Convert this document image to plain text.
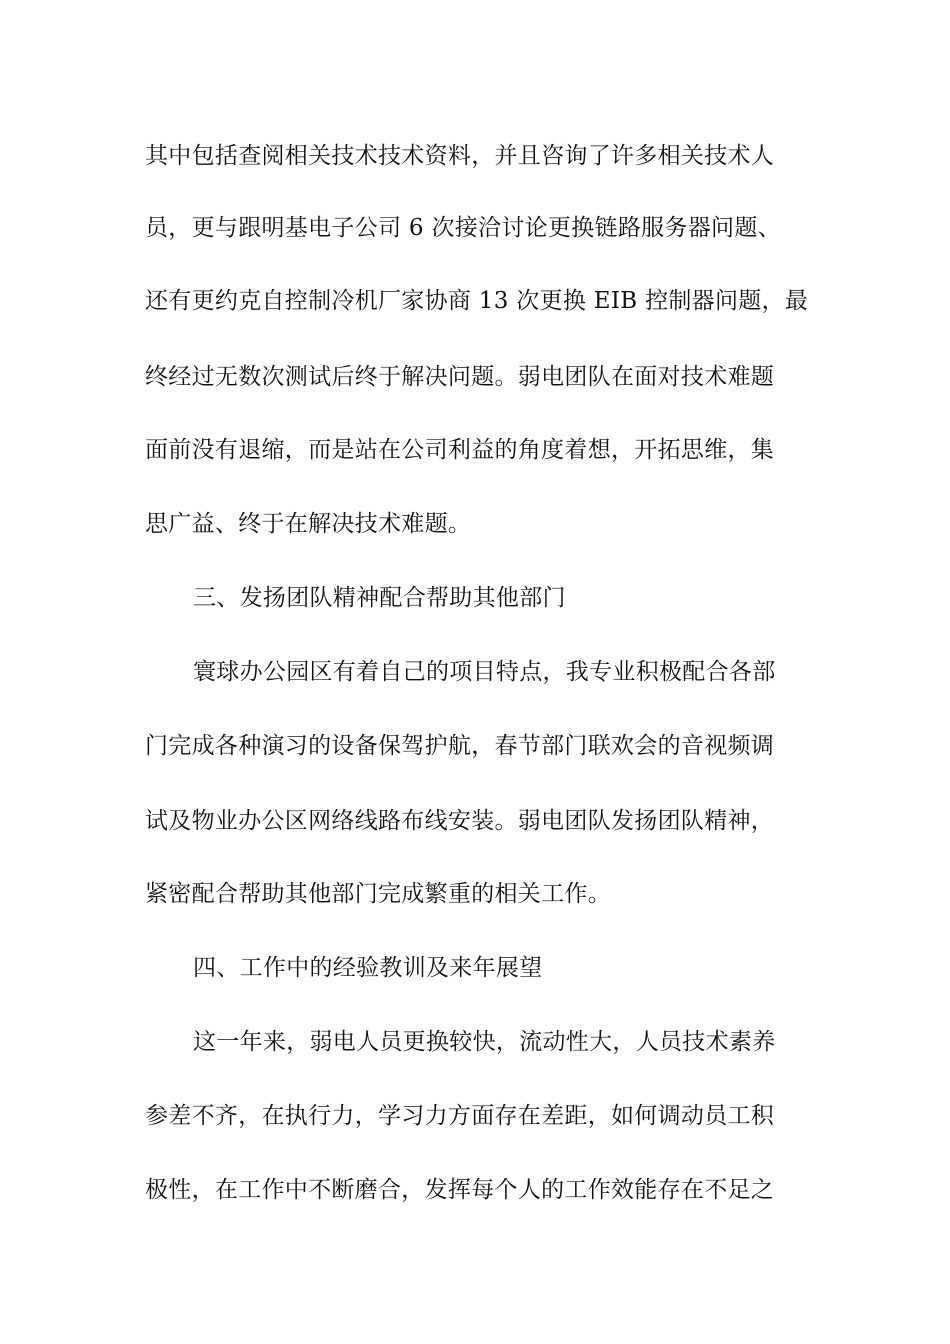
其中包括查阅相关技术技术资料，并且咨询了许多相关技术人
员，更与跟明基电子公司 6 次接洽讨论更换链路服务器问题、
还有更约克自控制冷机厂家协商 13 次更换 EIB 控制器问题，最
终经过无数次测试后终于解决问题。弱电团队在面对技术难题
面前没有退缩，而是站在公司利益的角度着想，开拓思维，集
思广益、终于在解决技术难题。
三、发扬团队精神配合帮助其他部门
寰球办公园区有着自己的项目特点，我专业积极配合各部
门完成各种演习的设备保驾护航，春节部门联欢会的音视频调
试及物业办公区网络线路布线安装。弱电团队发扬团队精神，
紧密配合帮助其他部门完成繁重的相关工作。
四、工作中的经验教训及来年展望
这一年来，弱电人员更换较快，流动性大，人员技术素养
参差不齐，在执行力，学习力方面存在差距，如何调动员工积
极性，在工作中不断磨合，发挥每个人的工作效能存在不足之
